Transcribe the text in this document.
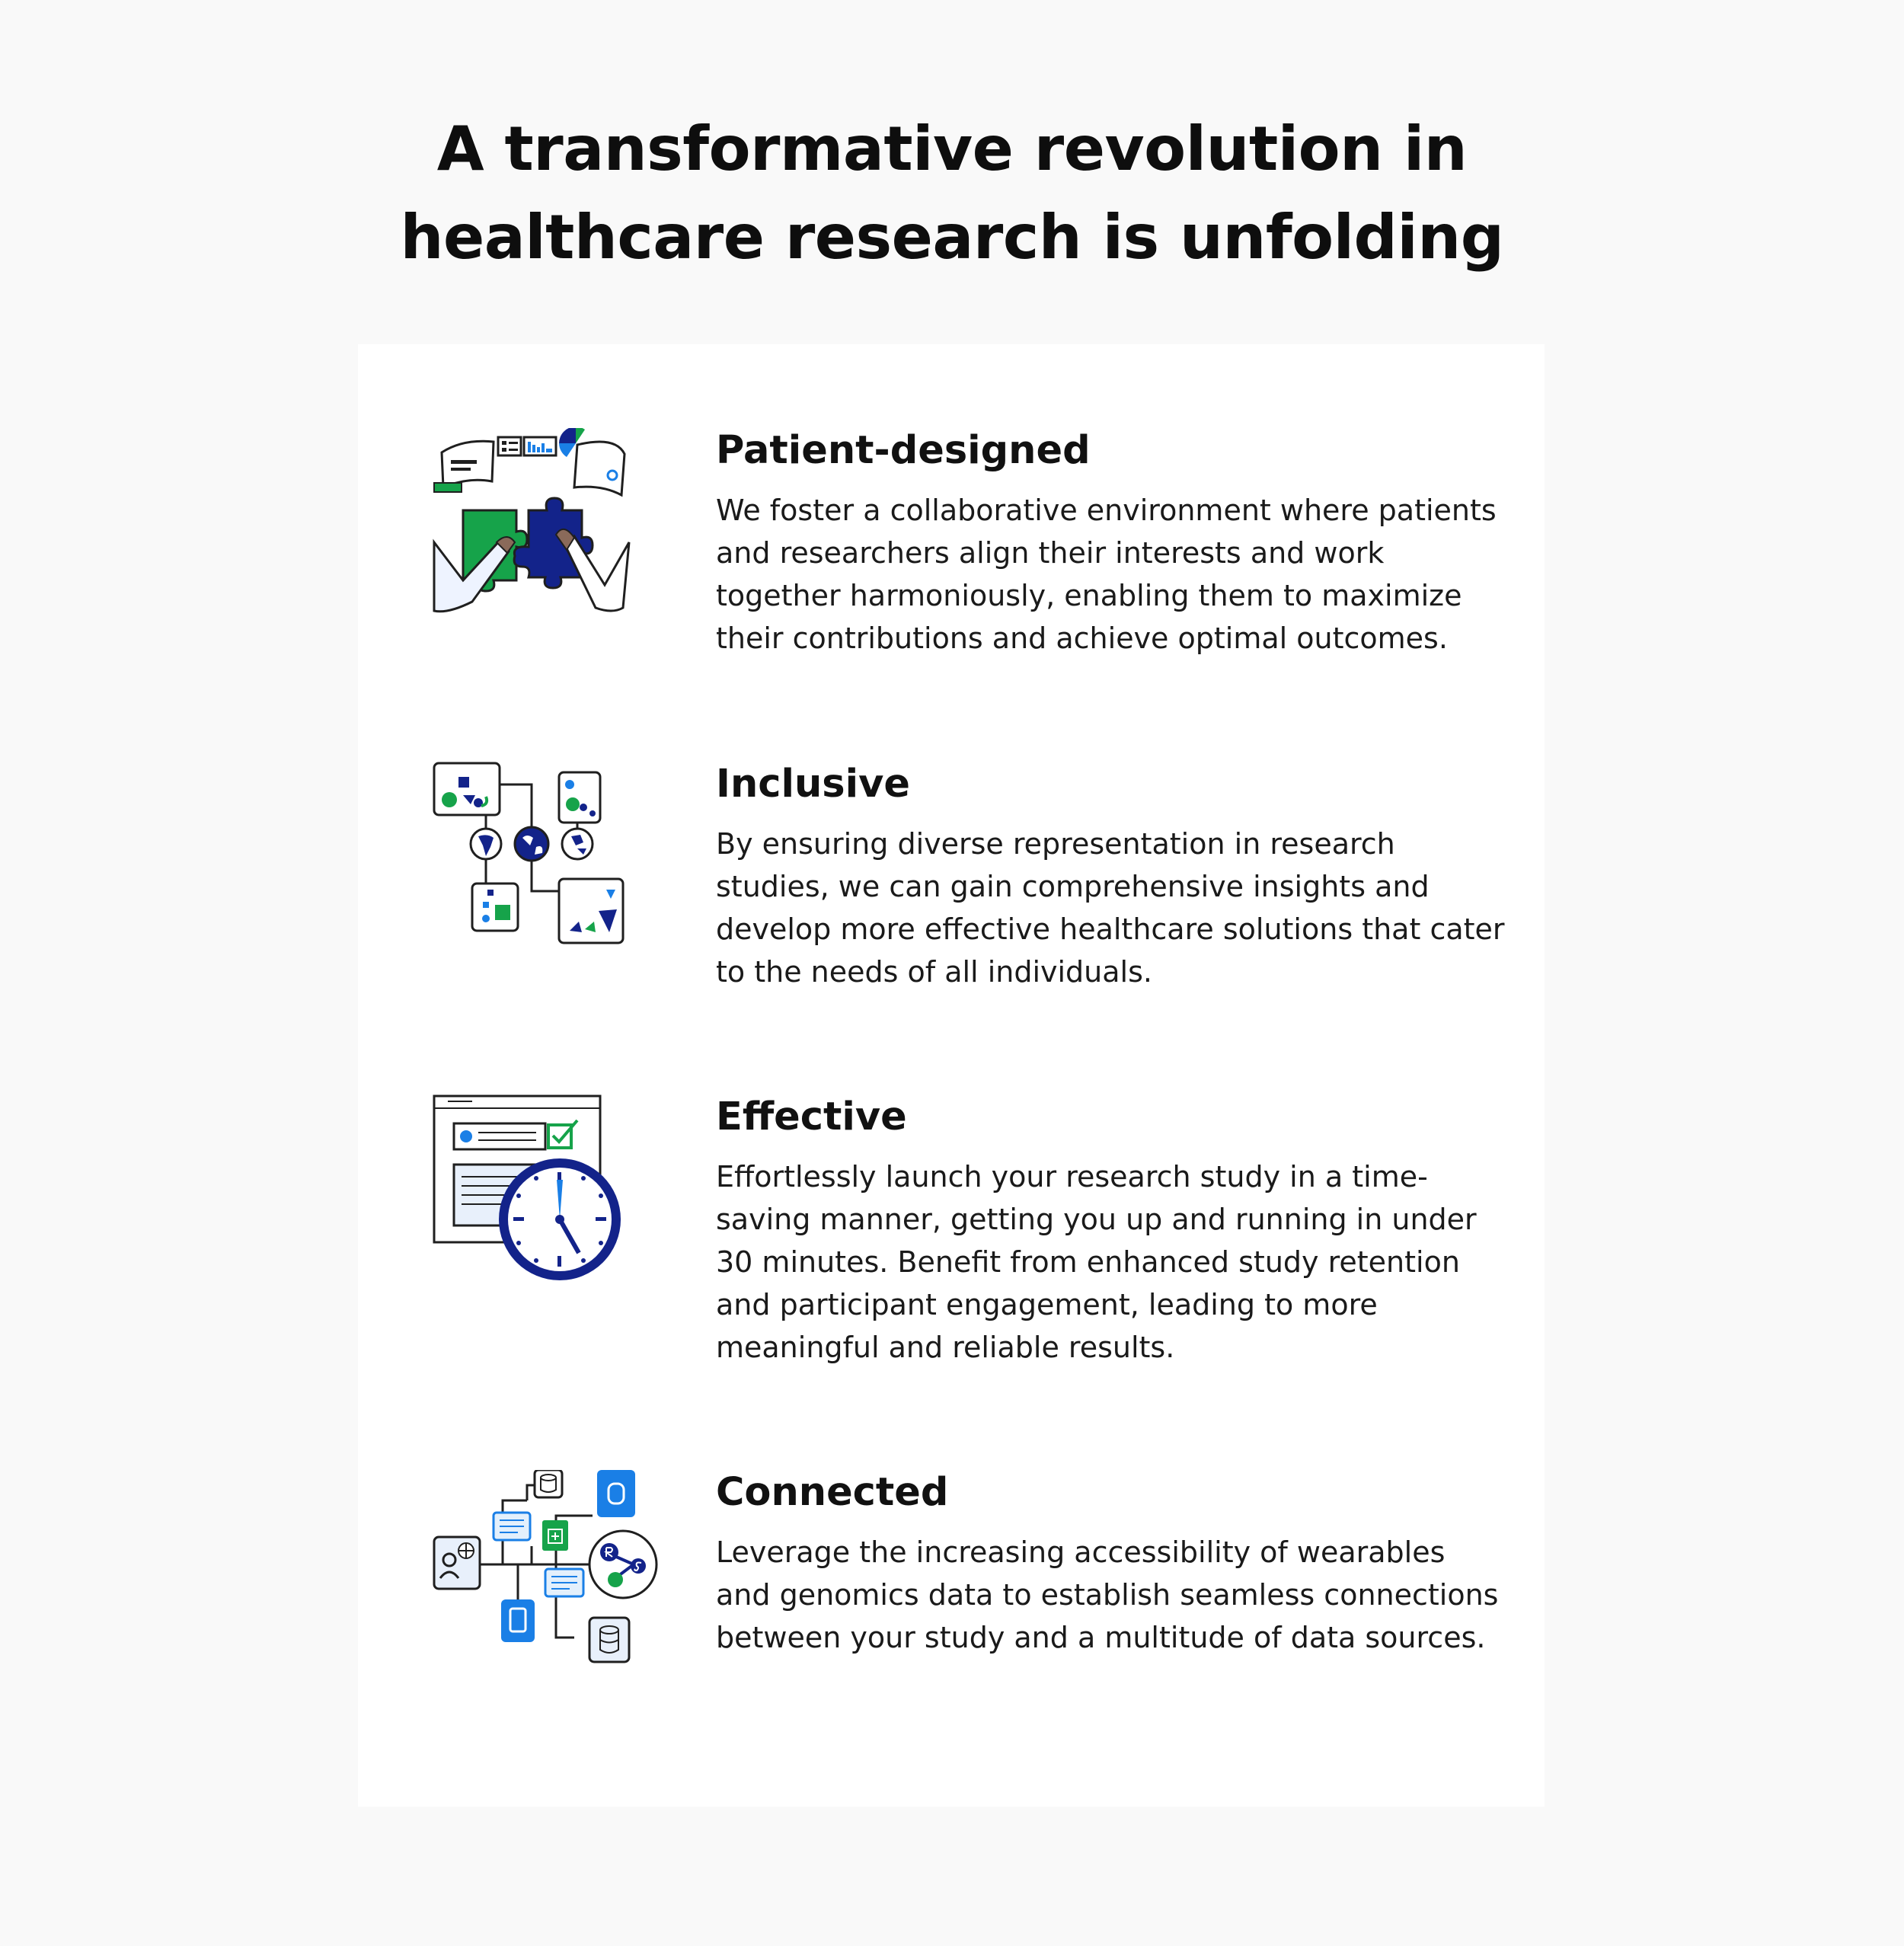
A transformative revolution in
healthcare research is unfolding
Patient-designed

We foster a collaborative environment where patients and researchers align their interests and work together harmoniously, enabling them to maximize their contributions and achieve optimal outcomes.

Inclusive

By ensuring diverse representation in research studies, we can gain comprehensive insights and develop more effective healthcare solutions that cater to the needs of all individuals.

Effective

Effortlessly launch your research study in a time-saving manner, getting you up and running in under 30 minutes. Benefit from enhanced study retention and participant engagement, leading to more meaningful and reliable results.

Connected

Leverage the increasing accessibility of wearables and genomics data to establish seamless connections between your study and a multitude of data sources.
